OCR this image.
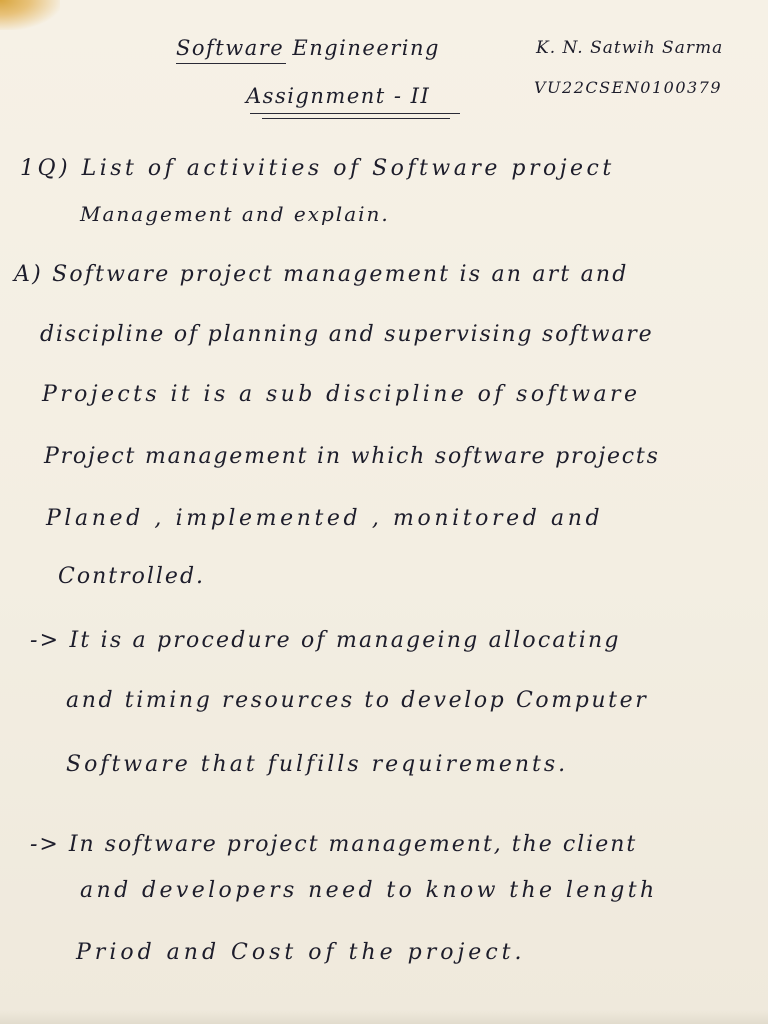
Software Engineering
Assignment - II
K. N. Satwih Sarma
VU22CSEN0100379
1Q) List of activities of Software project
Management and explain.
A) Software project management is an art and
discipline of planning and supervising software
Projects it is a sub discipline of software
Project management in which software projects
Planed , implemented , monitored and
Controlled.
-> It is a procedure of manageing allocating
and timing resources to develop Computer
Software that fulfills requirements.
-> In software project management, the client
and developers need to know the length
Priod and Cost of the project.
